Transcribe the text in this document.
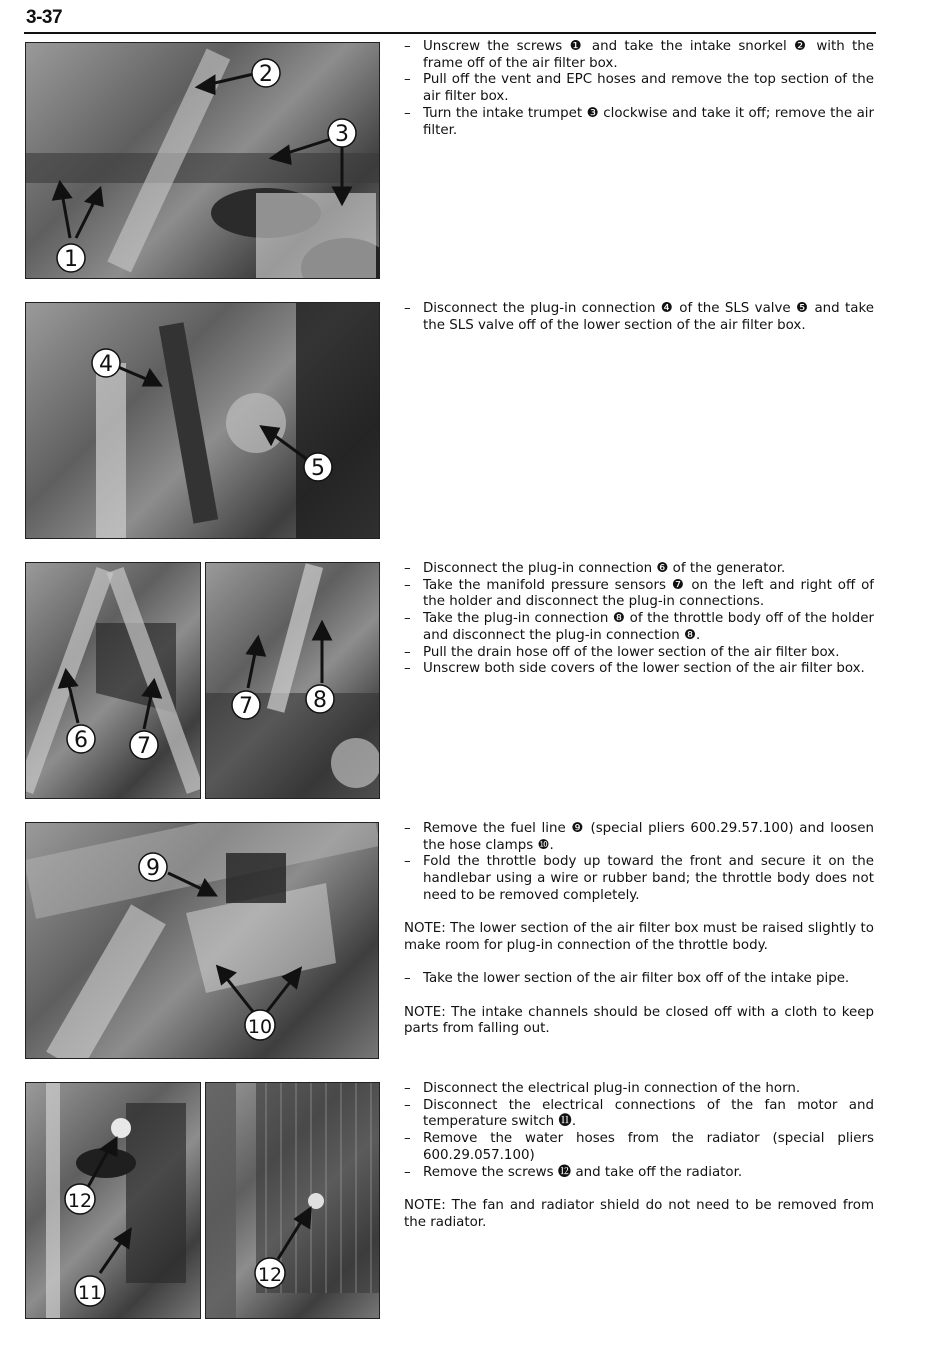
3-37
2
3
1

– Unscrew the screws ❶ and take the intake snorkel ❷ with the frame off of the air filter box.

– Pull off the vent and EPC hoses and remove the top section of the air filter box.

– Turn the intake trumpet ❸ clockwise and take it off; remove the air filter.

4
5

– Disconnect the plug-in connection ❹ of the SLS valve ❺ and take the SLS valve off of the lower section of the air filter box.

6 7
7	8

– Disconnect the plug-in connection ❻ of the generator.

– Take the manifold pressure sensors ❼ on the left and right off of the holder and disconnect the plug-in connections.

– Take the plug-in connection ❽ of the throttle body off of the holder and disconnect the plug-in connection ❽.

– Pull the drain hose off of the lower section of the air filter box.

– Unscrew both side covers of the lower section of the air filter box.

9
10

– Remove the fuel line ❾ (special pliers 600.29.57.100) and loosen the hose clamps ❿.

– Fold the throttle body up toward the front and secure it on the handlebar using a wire or rubber band; the throttle body does not need to be removed completely.

NOTE: The lower section of the air filter box must be raised slightly to make room for plug-in connection of the throttle body.

– Take the lower section of the air filter box off of the intake pipe.

NOTE: The intake channels should be closed off with a cloth to keep parts from falling out.

12
11
12

– Disconnect the electrical plug-in connection of the horn.

– Disconnect the electrical connections of the fan motor and temperature switch ⓫.

– Remove the water hoses from the radiator (special pliers 600.29.057.100)

– Remove the screws ⓬ and take off the radiator.

NOTE: The fan and radiator shield do not need to be removed from the radiator.
